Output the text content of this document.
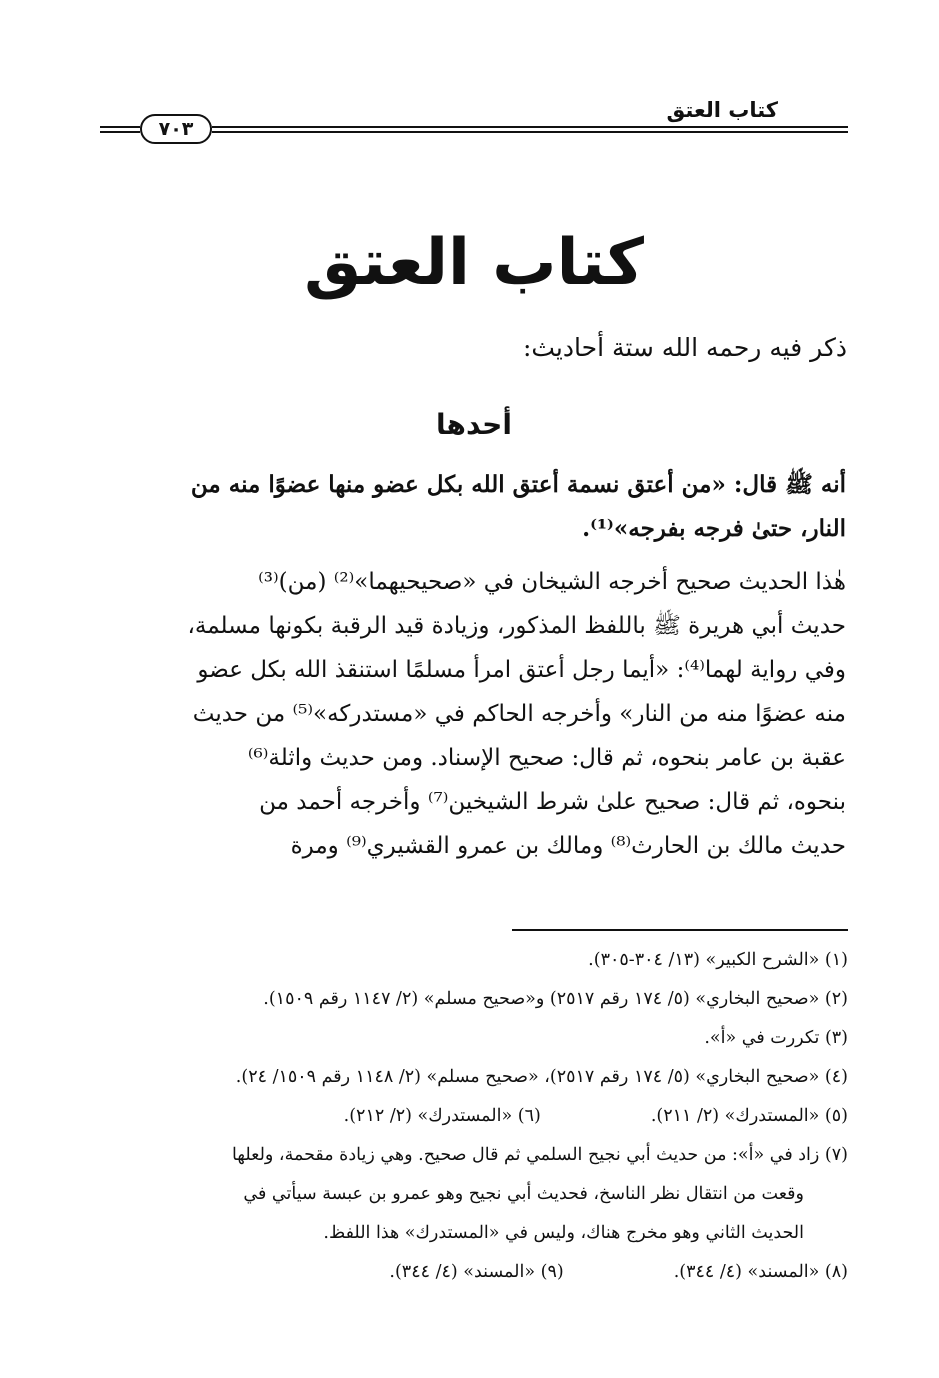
كتاب العتق
٧٠٣
كتاب العتق
ذكر فيه رحمه الله ستة أحاديث:
أحدها
أنه ﷺ قال: «من أعتق نسمة أعتق الله بكل عضو منها عضوًا منه من
النار، حتىٰ فرجه بفرجه»⁽¹⁾.
هٰذا الحديث صحيح أخرجه الشيخان في «صحيحيهما»⁽²⁾ (من)⁽³⁾
حديث أبي هريرة ﷺ باللفظ المذكور، وزيادة قيد الرقبة بكونها مسلمة،
وفي رواية لهما⁽⁴⁾: «أيما رجل أعتق امرأ مسلمًا استنقذ الله بكل عضو
منه عضوًا منه من النار» وأخرجه الحاكم في «مستدركه»⁽⁵⁾ من حديث
عقبة بن عامر بنحوه، ثم قال: صحيح الإسناد. ومن حديث واثلة⁽⁶⁾
بنحوه، ثم قال: صحيح علىٰ شرط الشيخين⁽⁷⁾ وأخرجه أحمد من
حديث مالك بن الحارث⁽⁸⁾ ومالك بن عمرو القشيري⁽⁹⁾ ومرة
(١) «الشرح الكبير» (١٣/ ٣٠٤-٣٠٥).
(٢) «صحيح البخاري» (٥/ ١٧٤ رقم ٢٥١٧) و«صحيح مسلم» (٢/ ١١٤٧ رقم ١٥٠٩).
(٣) تكررت في «أ».
(٤) «صحيح البخاري» (٥/ ١٧٤ رقم ٢٥١٧)، «صحيح مسلم» (٢/ ١١٤٨ رقم ١٥٠٩/ ٢٤).
(٥) «المستدرك» (٢/ ٢١١).
(٦) «المستدرك» (٢/ ٢١٢).
(٧) زاد في «أ»: من حديث أبي نجيح السلمي ثم قال صحيح. وهي زيادة مقحمة، ولعلها
وقعت من انتقال نظر الناسخ، فحديث أبي نجيح وهو عمرو بن عبسة سيأتي في
الحديث الثاني وهو مخرج هناك، وليس في «المستدرك» هذا اللفظ.
(٨) «المسند» (٤/ ٣٤٤).
(٩) «المسند» (٤/ ٣٤٤).
